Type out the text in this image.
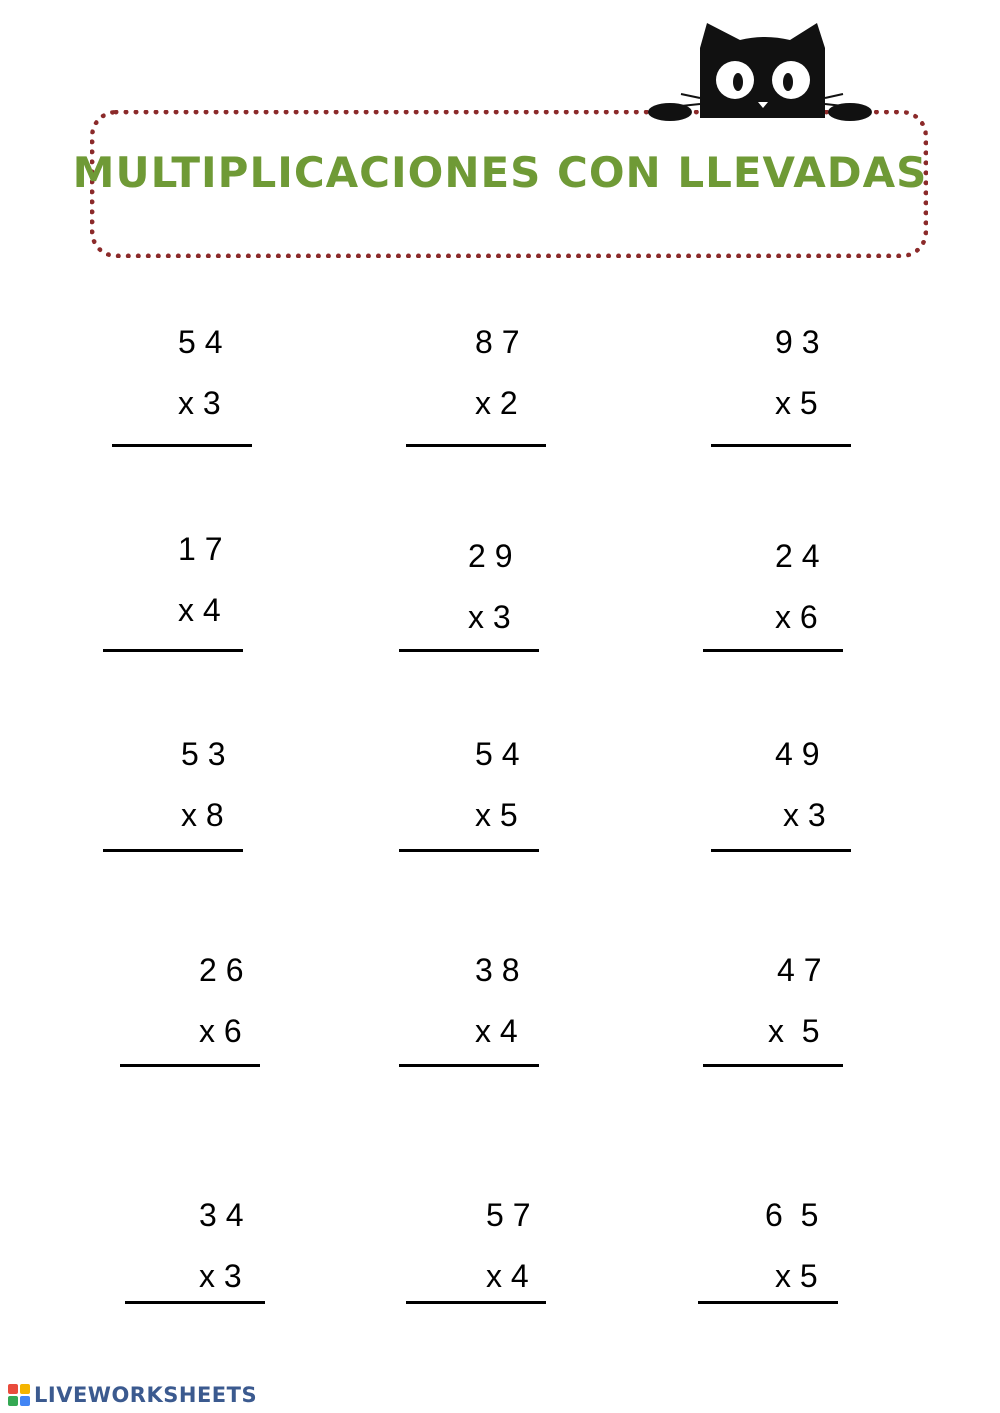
MULTIPLICACIONES CON LLEVADAS
5 4
x 3
8 7
x 2
9 3
x 5
1 7
x 4
2 9
x 3
2 4
x 6
5 3
x 8
5 4
x 5
4 9
x 3
2 6
x 6
3 8
x 4
4 7
x  5
3 4
x 3
5 7
x 4
6  5
x 5
LIVEWORKSHEETS
